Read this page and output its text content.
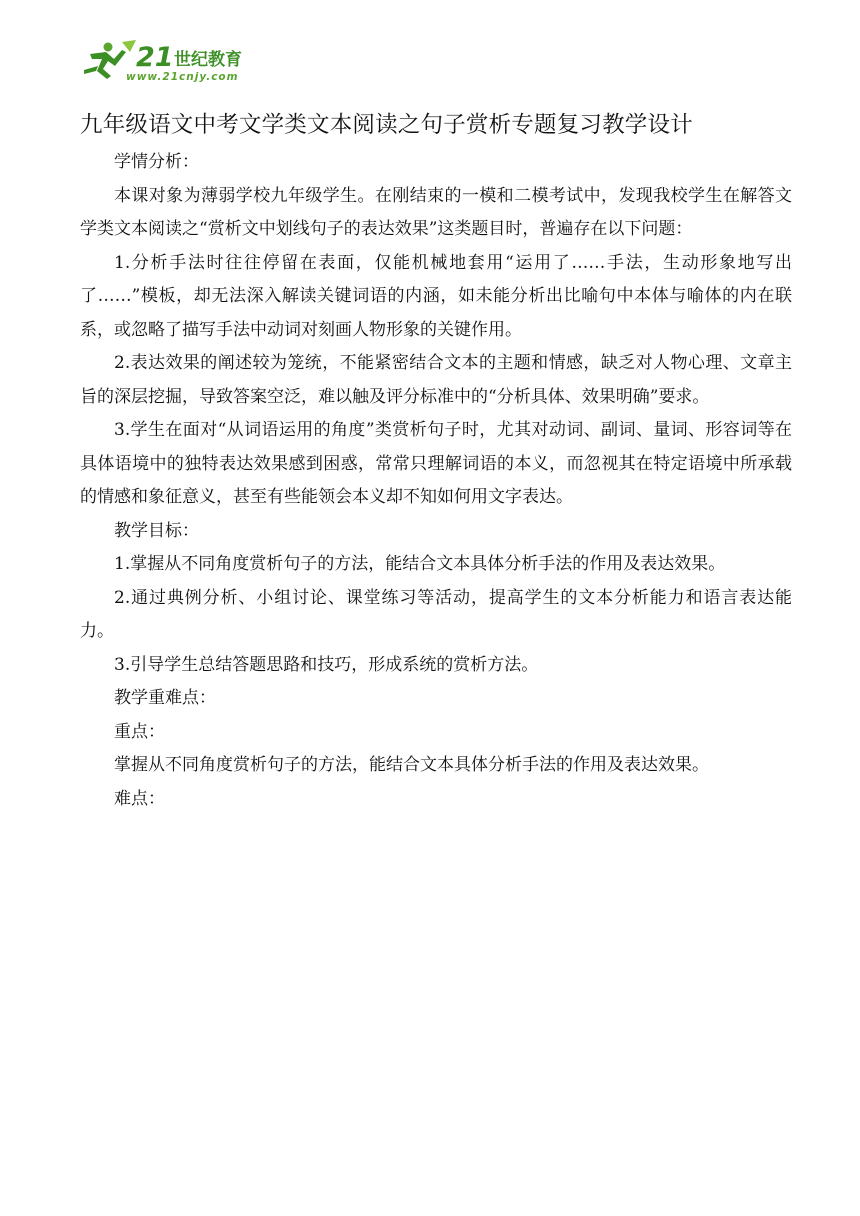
21 世纪教育
www.21cnjy.com
九年级语文中考文学类文本阅读之句子赏析专题复习教学设计

学情分析：

本课对象为薄弱学校九年级学生。在刚结束的一模和二模考试中，发现我校学生在解答文学类文本阅读之“赏析文中划线句子的表达效果”这类题目时，普遍存在以下问题：

1.分析手法时往往停留在表面，仅能机械地套用“运用了……手法，生动形象地写出了……”模板，却无法深入解读关键词语的内涵，如未能分析出比喻句中本体与喻体的内在联系，或忽略了描写手法中动词对刻画人物形象的关键作用。

2.表达效果的阐述较为笼统，不能紧密结合文本的主题和情感，缺乏对人物心理、文章主旨的深层挖掘，导致答案空泛，难以触及评分标准中的“分析具体、效果明确”要求。

3.学生在面对“从词语运用的角度”类赏析句子时，尤其对动词、副词、量词、形容词等在具体语境中的独特表达效果感到困惑，常常只理解词语的本义，而忽视其在特定语境中所承载的情感和象征意义，甚至有些能领会本义却不知如何用文字表达。

教学目标：

1.掌握从不同角度赏析句子的方法，能结合文本具体分析手法的作用及表达效果。

2.通过典例分析、小组讨论、课堂练习等活动，提高学生的文本分析能力和语言表达能力。

3.引导学生总结答题思路和技巧，形成系统的赏析方法。

教学重难点：

重点：

掌握从不同角度赏析句子的方法，能结合文本具体分析手法的作用及表达效果。

难点：
